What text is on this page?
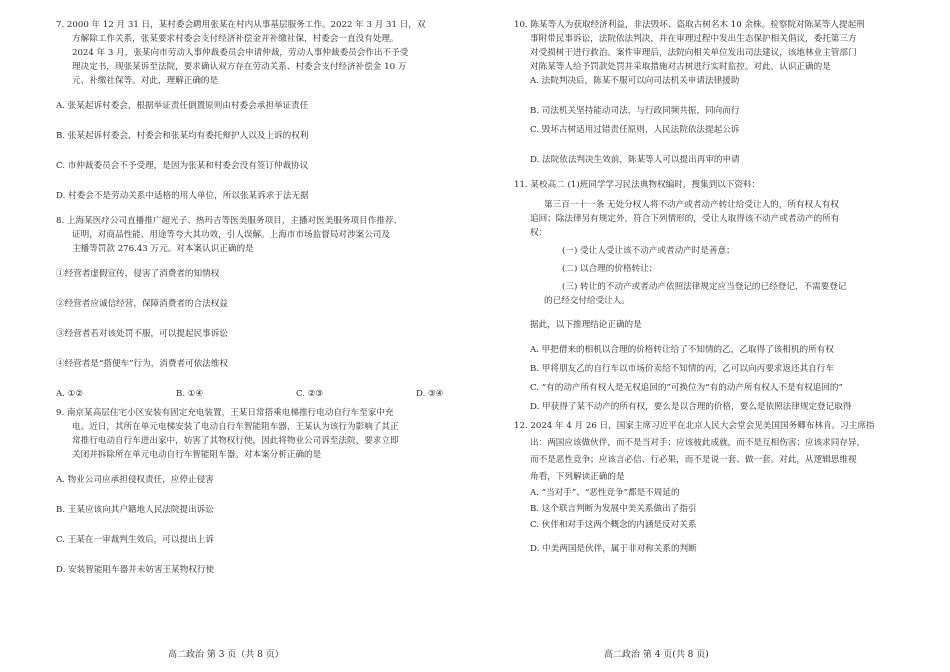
7. 2000 年 12 月 31 日，某村委会聘用张某在村内从事基层服务工作。2022 年 3 月 31 日，双
方解除工作关系，张某要求村委会支付经济补偿金并补缴社保，村委会一直没有处理。
2024 年 3 月，张某向市劳动人事仲裁委员会申请仲裁，劳动人事仲裁委员会作出不予受
理决定书，现张某诉至法院，要求确认双方存在劳动关系、村委会支付经济补偿金 10 万
元、补缴社保等。对此，理解正确的是
A. 张某起诉村委会，根据举证责任倒置原则由村委会承担举证责任
B. 张某起诉村委会，村委会和张某均有委托辩护人以及上诉的权利
C. 市仲裁委员会不予受理，是因为张某和村委会没有签订仲裁协议
D. 村委会不是劳动关系中适格的用人单位，所以张某诉求于法无据
8. 上海某医疗公司直播推广超光子、热玛吉等医美服务项目，主播对医美服务项目作推荐、
证明，对商品性能、用途等夸大其功效，引人误解。上海市市场监督局对涉案公司及
主播等罚款 276.43 万元。对本案认识正确的是
①经营者虚假宣传，侵害了消费者的知情权
②经营者应诚信经营，保障消费者的合法权益
③经营者若对该处罚不服，可以提起民事诉讼
④经营者是“搭便车”行为，消费者可依法维权
A. ①②	B. ①④	C. ②③	D. ③④
9. 南京某高层住宅小区安装有固定充电装置，王某日常搭乘电梯推行电动自行车至家中充
电。近日，其所在单元电梯安装了电动自行车智能阻车器，王某认为该行为影响了其正
常推行电动自行车进出家中，妨害了其物权行使，因此将物业公司诉至法院，要求立即
关闭并拆除所在单元电动自行车智能阻车器。对本案分析正确的是
A. 物业公司应承担侵权责任，应停止侵害
B. 王某应该向其户籍地人民法院提出诉讼
C. 王某在一审裁判生效后，可以提出上诉
D. 安装智能阻车器并未妨害王某物权行使
高二政治 第 3 页（共 8 页）
10. 陈某等人为获取经济利益，非法毁坏、盗取古树名木 10 余株。检察院对陈某等人提起刑
事附带民事诉讼，法院依法判决，并在审理过程中发出生态保护相关倡议，委托第三方
对受损树干进行救治。案件审理后，法院向相关单位发出司法建议，该地林业主管部门
对陈某等人给予罚款处罚并采取措施对古树进行实时监控。对此，认识正确的是
A. 法院判决后，陈某不服可以向司法机关申请法律援助
B. 司法机关坚持能动司法，与行政同频共振，同向而行
C. 毁坏古树适用过错责任原则，人民法院依法提起公诉
D. 法院依法判决生效前，陈某等人可以提出再审的申请
11. 某校高二 (1)班同学学习民法典物权编时，搜集到以下资料：
第三百一十一条 无处分权人将不动产或者动产转让给受让人的，所有权人有权
追回；除法律另有规定外，符合下列情形的，受让人取得该不动产或者动产的所有
权：
(一) 受让人受让该不动产或者动产时是善意；
(二) 以合理的价格转让；
(三) 转让的不动产或者动产依照法律规定应当登记的已经登记，不需要登记
的已经交付给受让人。
据此，以下推理结论正确的是
A. 甲把借来的相机以合理的价格转让给了不知情的乙，乙取得了该相机的所有权
B. 甲将朋友乙的自行车以市场价卖给不知情的丙，乙可以向丙要求返还其自行车
C. “有的动产所有权人是无权追回的”可换位为“有的动产所有权人不是有权追回的”
D. 甲获得了某不动产的所有权，要么是以合理的价格，要么是依照法律规定登记取得
12. 2024 年 4 月 26 日，国家主席习近平在北京人民大会堂会见美国国务卿布林肯。习主席指
出：两国应该做伙伴，而不是当对手；应该彼此成就，而不是互相伤害；应该求同存异，
而不是恶性竞争；应该言必信、行必果，而不是说一套、做一套。对此，从逻辑思维视
角看，下列解读正确的是
A. “当对手”、“恶性竞争”都是不周延的
B. 这个联言判断为发展中美关系做出了指引
C. 伙伴和对手这两个概念的内涵是反对关系
D. 中美两国是伙伴，属于非对称关系的判断
高二政治 第 4 页(共 8 页)
